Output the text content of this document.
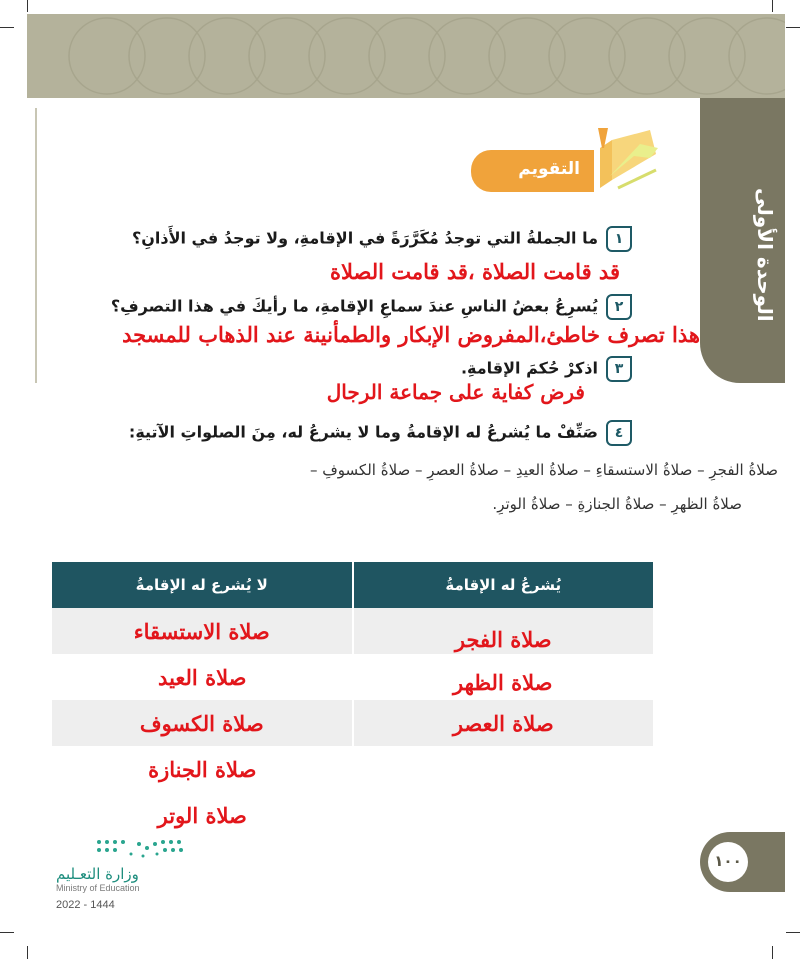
الوحدة الأولى
التقويم
١ما الجملةُ التي توجدُ مُكَرَّرَةً في الإقامةِ، ولا توجدُ في الأَذانِ؟
قد قامت الصلاة ،قد قامت الصلاة
٢يُسرِعُ بعضُ الناسِ عندَ سماعِ الإقامةِ، ما رأيكَ في هذا التصرفِ؟
هذا تصرف خاطئ،المفروض الإبكار والطمأنينة عند الذهاب للمسجد
٣اذكرْ حُكمَ الإقامةِ.
فرض كفاية على جماعة الرجال
٤صَنِّفْ ما يُشرعُ له الإقامةُ وما لا يشرعُ له، مِنَ الصلواتِ الآتيةِ:
صلاةُ الفجرِ – صلاةُ الاستسقاءِ – صلاةُ العيدِ – صلاةُ العصرِ – صلاةُ الكسوفِ –
صلاةُ الظهرِ – صلاةُ الجنازةِ – صلاةُ الوترِ.
يُشرعُ له الإقامةُ	لا يُشرع له الإقامةُ

صلاة الفجر	صلاة الاستسقاء

صلاة الظهر	صلاة العيد

صلاة العصر	صلاة الكسوف

	صلاة الجنازة

	صلاة الوتر
وزارة التعـليم
Ministry of Education
2022 - 1444
١٠٠
